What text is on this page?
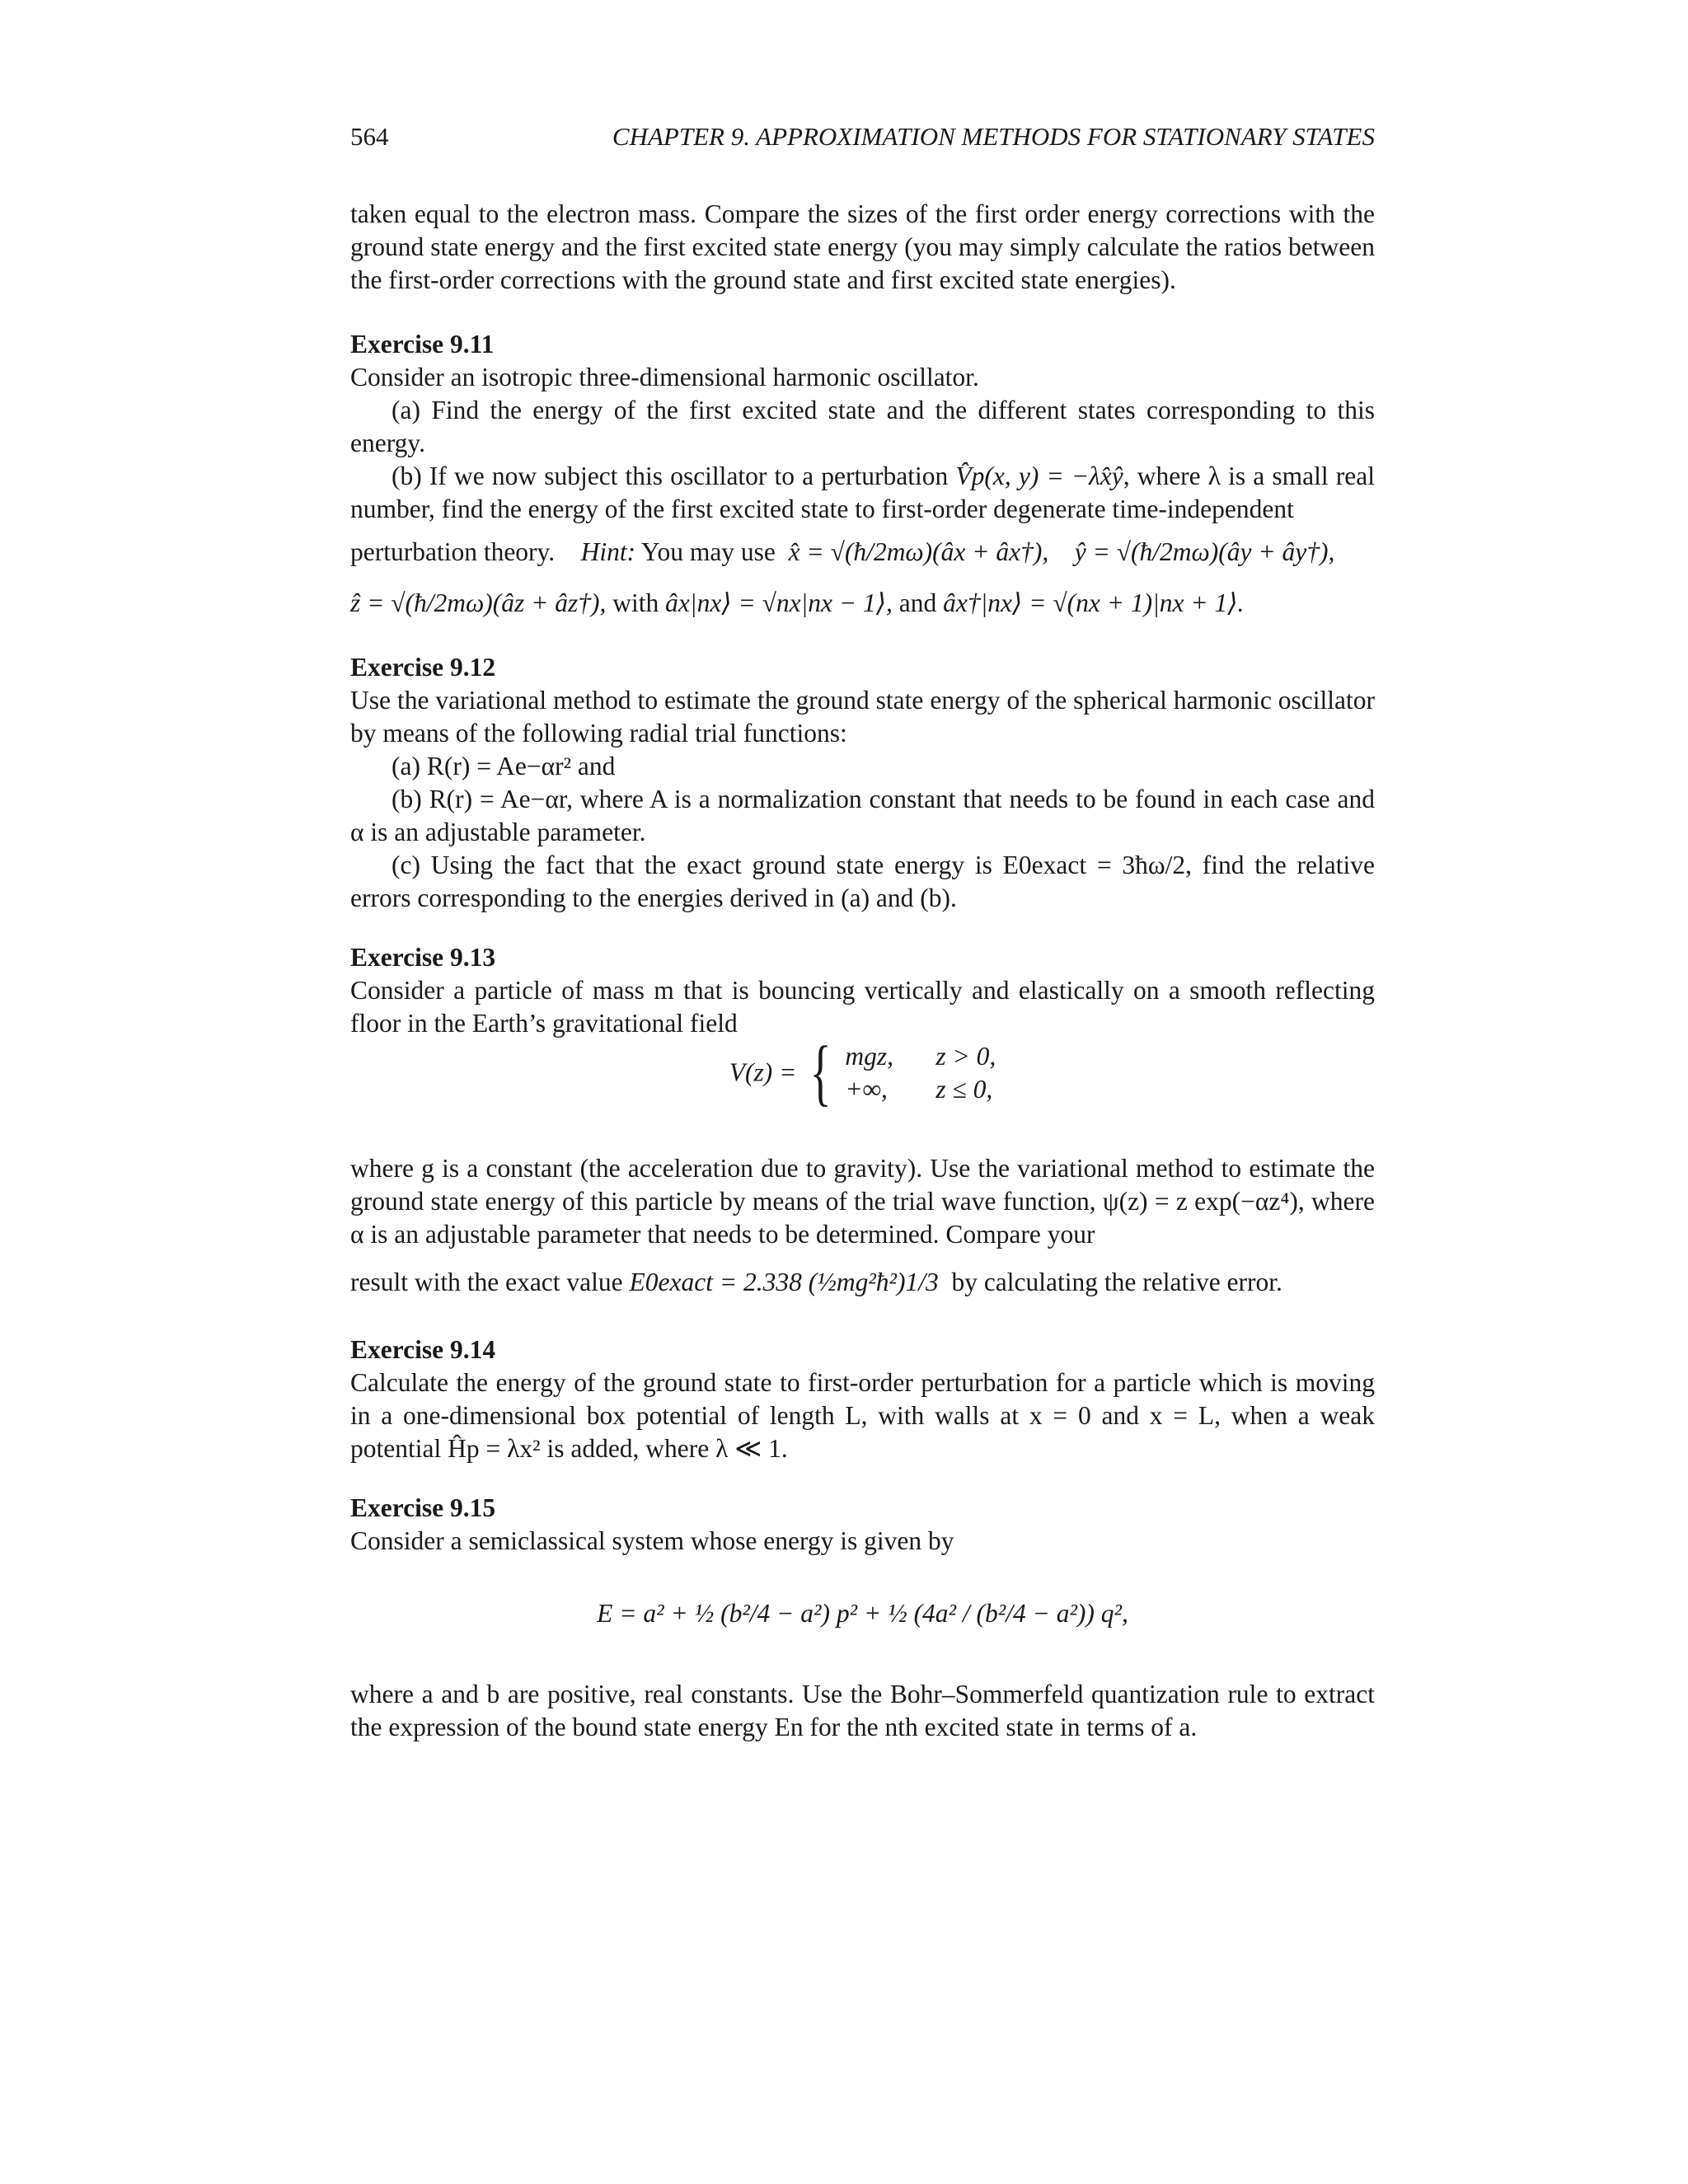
564	CHAPTER 9. APPROXIMATION METHODS FOR STATIONARY STATES

taken equal to the electron mass. Compare the sizes of the first order energy corrections with the ground state energy and the first excited state energy (you may simply calculate the ratios between the first-order corrections with the ground state and first excited state energies).

Exercise 9.11

Consider an isotropic three-dimensional harmonic oscillator.

(a) Find the energy of the first excited state and the different states corresponding to this energy.

(b) If we now subject this oscillator to a perturbation V̂p(x, y) = −λx̂ŷ, where λ is a small real number, find the energy of the first excited state to first-order degenerate time-independent

perturbation theory. Hint: You may use x̂ = √(ħ/2mω)(âx + âx†), ŷ = √(ħ/2mω)(ây + ây†),
ẑ = √(ħ/2mω)(âz + âz†), with âx|nx⟩ = √nx|nx − 1⟩, and âx†|nx⟩ = √(nx + 1)|nx + 1⟩.
Exercise 9.12

Use the variational method to estimate the ground state energy of the spherical harmonic oscillator by means of the following radial trial functions:

(a) R(r) = Ae−αr² and

(b) R(r) = Ae−αr, where A is a normalization constant that needs to be found in each case and α is an adjustable parameter.

(c) Using the fact that the exact ground state energy is E0exact = 3ħω/2, find the relative errors corresponding to the energies derived in (a) and (b).

Exercise 9.13

Consider a particle of mass m that is bouncing vertically and elastically on a smooth reflecting floor in the Earth’s gravitational field

V(z) = { mgz, z > 0,
+∞, z ≤ 0,

where g is a constant (the acceleration due to gravity). Use the variational method to estimate the ground state energy of this particle by means of the trial wave function, ψ(z) = z exp(−αz⁴), where α is an adjustable parameter that needs to be determined. Compare your

result with the exact value E0exact = 2.338 (½mg²ħ²)1/3 by calculating the relative error.
Exercise 9.14

Calculate the energy of the ground state to first-order perturbation for a particle which is moving in a one-dimensional box potential of length L, with walls at x = 0 and x = L, when a weak potential Ĥp = λx² is added, where λ ≪ 1.

Exercise 9.15

Consider a semiclassical system whose energy is given by

E = a² + ½ (b²/4 − a²) p² + ½ (4a² / (b²/4 − a²)) q²,

where a and b are positive, real constants. Use the Bohr–Sommerfeld quantization rule to extract the expression of the bound state energy En for the nth excited state in terms of a.
